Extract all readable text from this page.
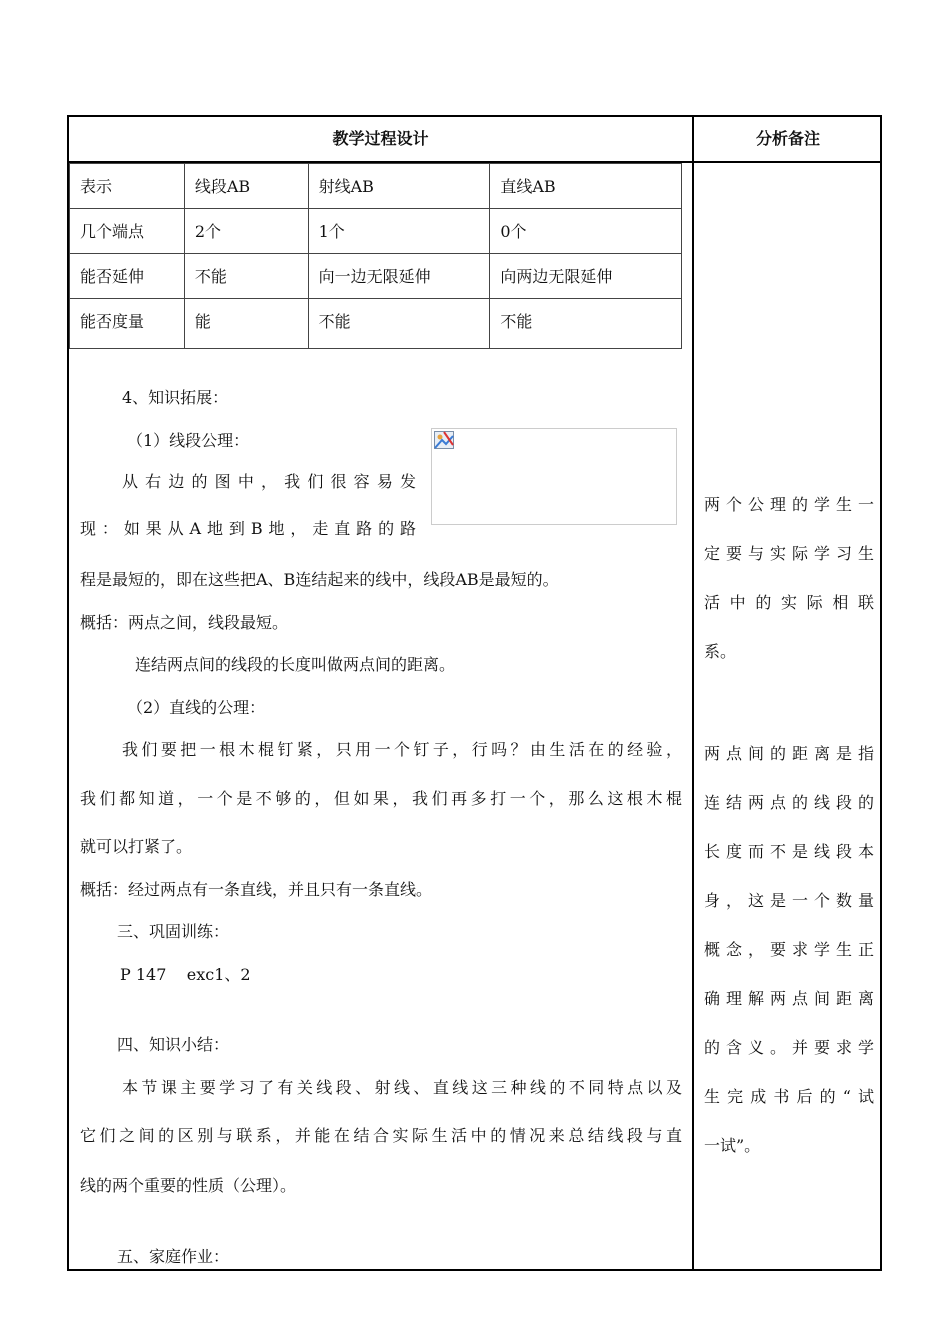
教学过程设计	分析备注
表示	线段AB	射线AB	直线AB
几个端点	2个	1个	0个
能否延伸	不能	向一边无限延伸	向两边无限延伸
能否度量	能	不能	不能
4、知识拓展：
（1）线段公理：
从右边的图中，我们很容易发
现：如果从A地到B地，走直路的路
程是最短的，即在这些把A、B连结起来的线中，线段AB是最短的。
概括：两点之间，线段最短。
连结两点间的线段的长度叫做两点间的距离。
（2）直线的公理：
我们要把一根木棍钉紧，只用一个钉子，行吗？由生活在的经验，
我们都知道，一个是不够的，但如果，我们再多打一个，那么这根木棍
就可以打紧了。
概括：经过两点有一条直线，并且只有一条直线。
三、巩固训练：
P 147    exc1、2
四、知识小结：
本节课主要学习了有关线段、射线、直线这三种线的不同特点以及
它们之间的区别与联系，并能在结合实际生活中的情况来总结线段与直
线的两个重要的性质（公理）。
五、家庭作业：
两个公理的学生一
定要与实际学习生
活中的实际相联
系。
两点间的距离是指
连结两点的线段的
长度而不是线段本
身，这是一个数量
概念，要求学生正
确理解两点间距离
的含义。并要求学
生完成书后的“试
一试”。
